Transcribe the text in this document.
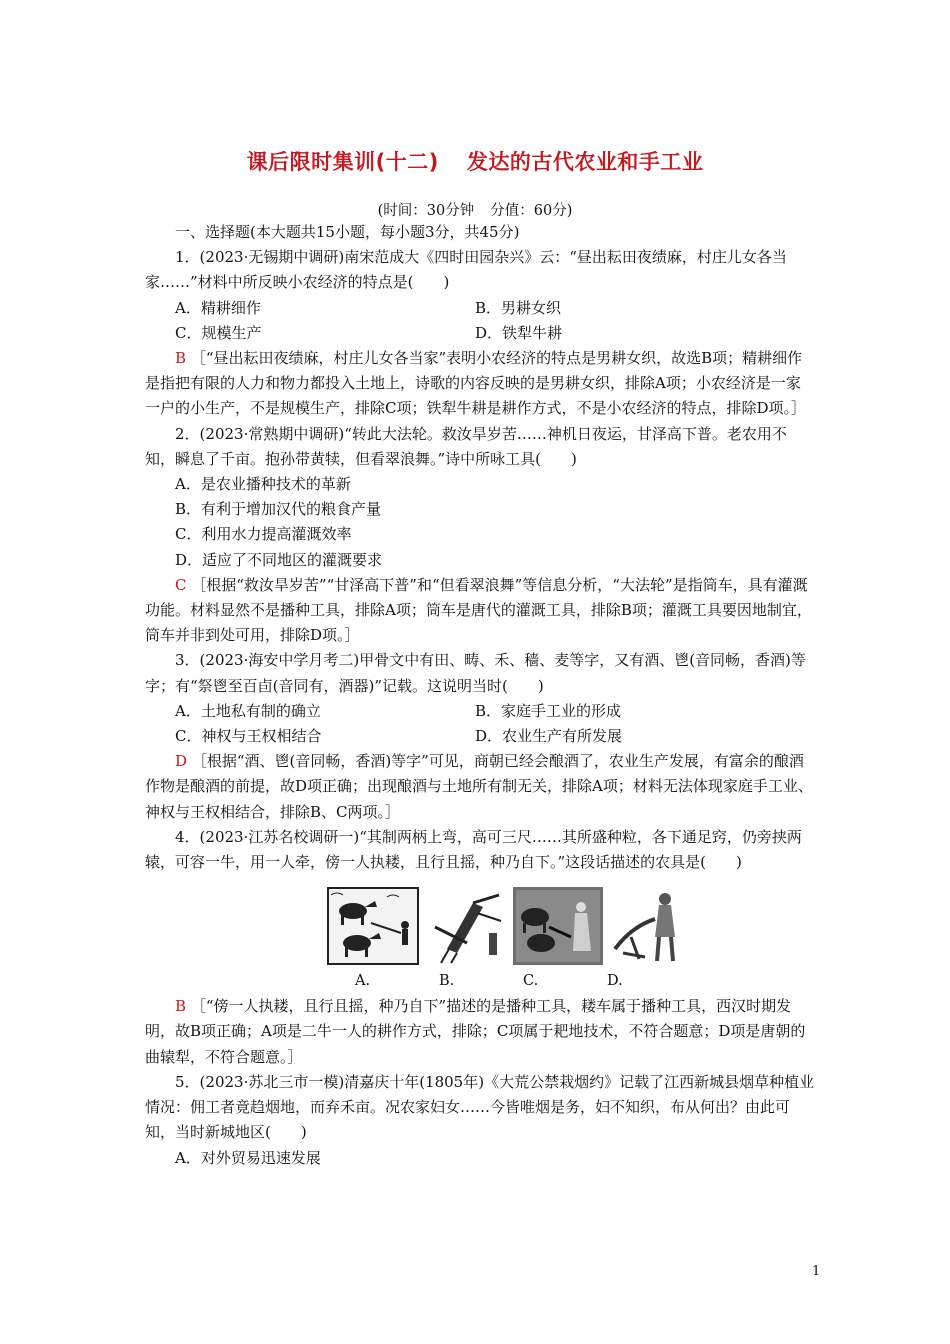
课后限时集训(十二) 发达的古代农业和手工业
(时间：30分钟 分值：60分)

一、选择题(本大题共15小题，每小题3分，共45分)

1．(2023·无锡期中调研)南宋范成大《四时田园杂兴》云：“昼出耘田夜绩麻，村庄儿女各当家……”材料中所反映小农经济的特点是(　　)

A．精耕细作	B．男耕女织
C．规模生产	D．铁犁牛耕

B ［“昼出耘田夜绩麻，村庄儿女各当家”表明小农经济的特点是男耕女织，故选B项；精耕细作是指把有限的人力和物力都投入土地上，诗歌的内容反映的是男耕女织，排除A项；小农经济是一家一户的小生产，不是规模生产，排除C项；铁犁牛耕是耕作方式，不是小农经济的特点，排除D项。］

2．(2023·常熟期中调研)“转此大法轮。救汝旱岁苦……神机日夜运，甘泽高下普。老农用不知，瞬息了千亩。抱孙带黄犊，但看翠浪舞。”诗中所咏工具(　　)

A．是农业播种技术的革新

B．有利于增加汉代的粮食产量

C．利用水力提高灌溉效率

D．适应了不同地区的灌溉要求

C ［根据“救汝旱岁苦”“甘泽高下普”和“但看翠浪舞”等信息分析，“大法轮”是指筒车，具有灌溉功能。材料显然不是播种工具，排除A项；筒车是唐代的灌溉工具，排除B项；灌溉工具要因地制宜，筒车并非到处可用，排除D项。］

3．(2023·海安中学月考二)甲骨文中有田、畴、禾、穑、麦等字，又有酒、鬯(音同畅，香酒)等字；有“祭鬯至百卣(音同有，酒器)”记载。这说明当时(　　)

A．土地私有制的确立	B．家庭手工业的形成
C．神权与王权相结合	D．农业生产有所发展

D ［根据“酒、鬯(音同畅，香酒)等字”可见，商朝已经会酿酒了，农业生产发展，有富余的酿酒作物是酿酒的前提，故D项正确；出现酿酒与土地所有制无关，排除A项；材料无法体现家庭手工业、神权与王权相结合，排除B、C两项。］

4．(2023·江苏名校调研一)“其制两柄上弯，高可三尺……其所盛种粒，各下通足窍，仍旁挟两辕，可容一牛，用一人牵，傍一人执耧，且行且摇，种乃自下。”这段话描述的农具是(　　)

A.	B.	C.	D.

B ［“傍一人执耧，且行且摇，种乃自下”描述的是播种工具，耧车属于播种工具，西汉时期发明，故B项正确；A项是二牛一人的耕作方式，排除；C项属于耙地技术，不符合题意；D项是唐朝的曲辕犁，不符合题意。］

5．(2023·苏北三市一模)清嘉庆十年(1805年)《大荒公禁栽烟约》记载了江西新城县烟草种植业情况：佣工者竟趋烟地，而弃禾亩。况农家妇女……今皆唯烟是务，妇不知织，布从何出？由此可知，当时新城地区(　　)

A．对外贸易迅速发展

1
